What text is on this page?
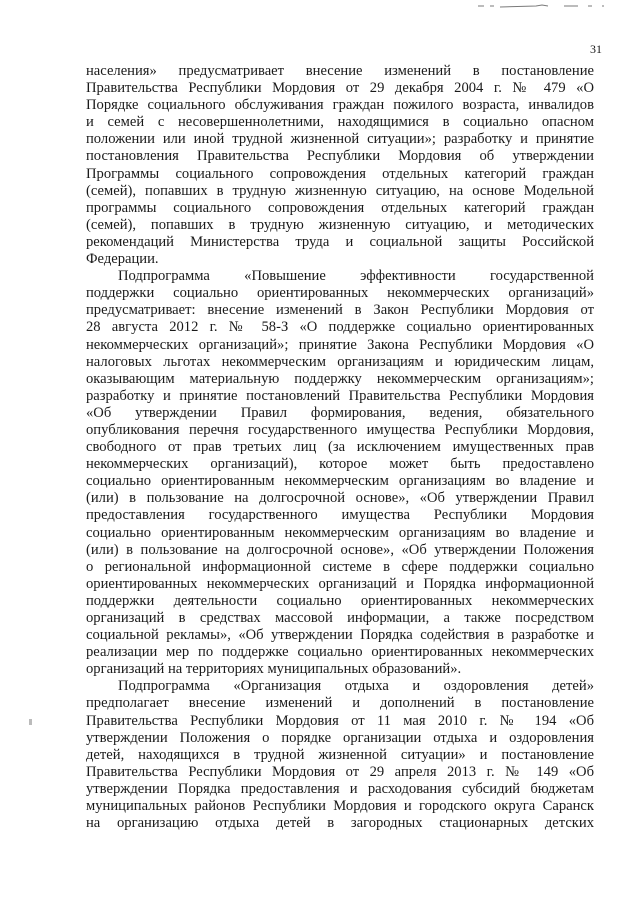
31
населения» предусматривает внесение изменений в постановление
Правительства Республики Мордовия от 29 декабря 2004 г. № 479 «О
Порядке социального обслуживания граждан пожилого возраста, инвалидов
и семей с несовершеннолетними, находящимися в социально опасном
положении или иной трудной жизненной ситуации»; разработку и принятие
постановления Правительства Республики Мордовия об утверждении
Программы социального сопровождения отдельных категорий граждан
(семей), попавших в трудную жизненную ситуацию, на основе Модельной
программы социального сопровождения отдельных категорий граждан
(семей), попавших в трудную жизненную ситуацию, и методических
рекомендаций Министерства труда и социальной защиты Российской
Федерации.
Подпрограмма «Повышение эффективности государственной
поддержки социально ориентированных некоммерческих организаций»
предусматривает: внесение изменений в Закон Республики Мордовия от
28 августа 2012 г. № 58-З «О поддержке социально ориентированных
некоммерческих организаций»; принятие Закона Республики Мордовия «О
налоговых льготах некоммерческим организациям и юридическим лицам,
оказывающим материальную поддержку некоммерческим организациям»;
разработку и принятие постановлений Правительства Республики Мордовия
«Об утверждении Правил формирования, ведения, обязательного
опубликования перечня государственного имущества Республики Мордовия,
свободного от прав третьих лиц (за исключением имущественных прав
некоммерческих организаций), которое может быть предоставлено
социально ориентированным некоммерческим организациям во владение и
(или) в пользование на долгосрочной основе», «Об утверждении Правил
предоставления государственного имущества Республики Мордовия
социально ориентированным некоммерческим организациям во владение и
(или) в пользование на долгосрочной основе», «Об утверждении Положения
о региональной информационной системе в сфере поддержки социально
ориентированных некоммерческих организаций и Порядка информационной
поддержки деятельности социально ориентированных некоммерческих
организаций в средствах массовой информации, а также посредством
социальной рекламы», «Об утверждении Порядка содействия в разработке и
реализации мер по поддержке социально ориентированных некоммерческих
организаций на территориях муниципальных образований».
Подпрограмма «Организация отдыха и оздоровления детей»
предполагает внесение изменений и дополнений в постановление
Правительства Республики Мордовия от 11 мая 2010 г. № 194 «Об
утверждении Положения о порядке организации отдыха и оздоровления
детей, находящихся в трудной жизненной ситуации» и постановление
Правительства Республики Мордовия от 29 апреля 2013 г. № 149 «Об
утверждении Порядка предоставления и расходования субсидий бюджетам
муниципальных районов Республики Мордовия и городского округа Саранск
на организацию отдыха детей в загородных стационарных детских
